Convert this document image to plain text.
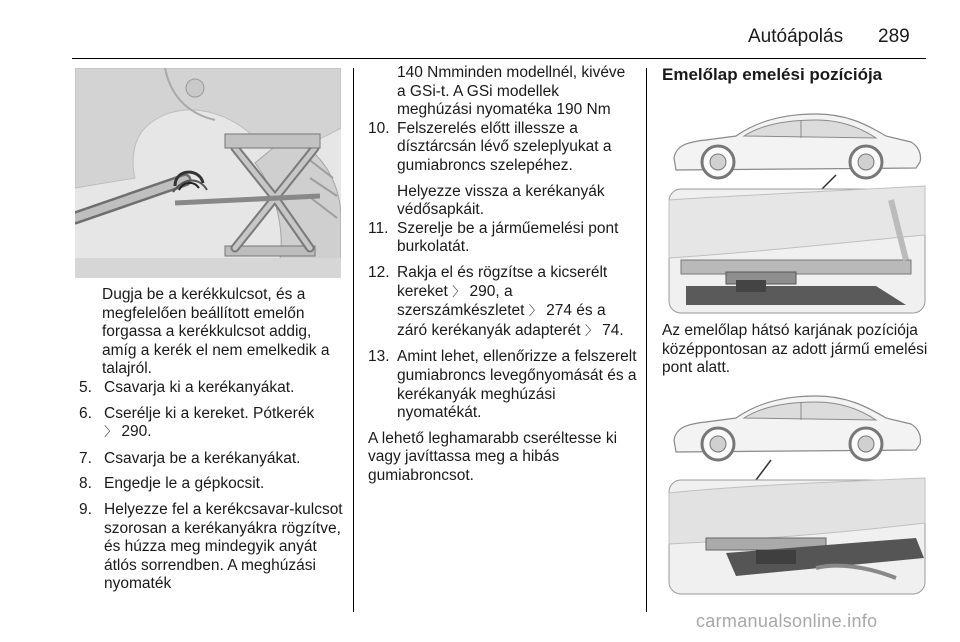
Autóápolás 289

Dugja be a kerékkulcsot, és a megfelelően beállított emelőn forgassa a kerékkulcsot addig, amíg a kerék el nem emelkedik a talajról.

5. Csavarja ki a kerékanyákat.
6. Cserélje ki a kereket. Pótkerék
〉 290.
7. Csavarja be a kerékanyákat.
8. Engedje le a gépkocsit.
9. Helyezze fel a kerékcsavar-kulcsot szorosan a kerékanyákra rögzítve, és húzza meg mindegyik anyát átlós sorrendben. A meghúzási nyomaték

140 Nmminden modellnél, kivéve a GSi-t. A GSi modellek meghúzási nyomatéka 190 Nm

10. Felszerelés előtt illessze a dísztárcsán lévő szeleplyukat a gumiabroncs szelepéhez.

Helyezze vissza a kerékanyák védősapkáit.

11. Szerelje be a járműemelési pont burkolatát.
12. Rakja el és rögzítse a kicserélt kereket 〉 290, a szerszámkészletet 〉 274 és a záró kerékanyák adapterét 〉 74.
13. Amint lehet, ellenőrizze a felszerelt gumiabroncs levegőnyomását és a kerékanyák meghúzási nyomatékát.

A lehető leghamarabb cseréltesse ki vagy javíttassa meg a hibás gumiabroncsot.

Emelőlap emelési pozíciója

Az emelőlap hátsó karjának pozíciója középpontosan az adott jármű emelési pont alatt.

carmanualsonline.info
